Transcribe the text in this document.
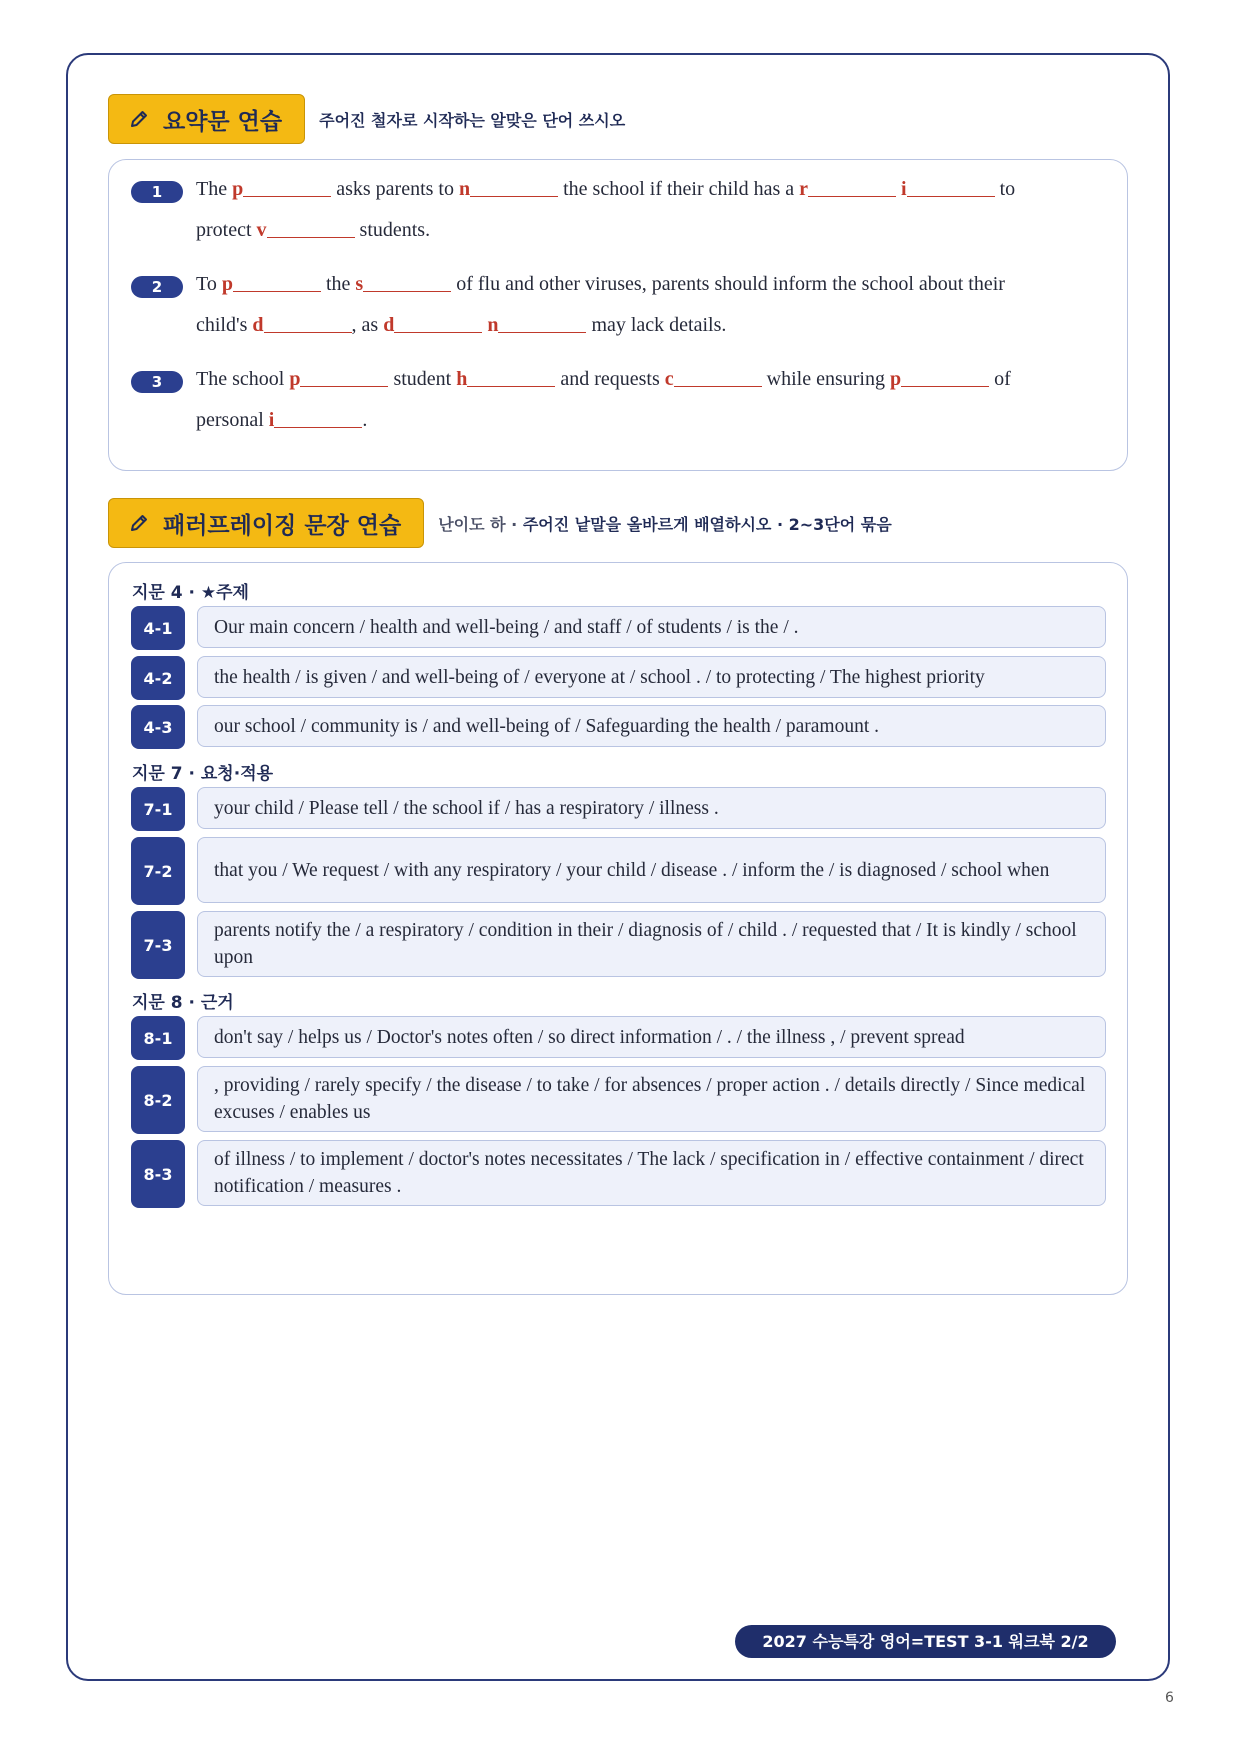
요약문 연습 주어진 철자로 시작하는 알맞은 단어 쓰시오
1	The p	asks parents to n	the school if their child has a r	i	to
protect v	students.
2	To p	the s	of flu and other viruses, parents should inform the school about their
child's d	, as d	n	may lack details.
3	The school p	student h	and requests c	while ensuring p	of
personal i	.
패러프레이징 문장 연습 난이도 하 · 주어진 낱말을 올바르게 배열하시오 · 2~3단어 묶음
지문 4 · ★주제
4-1	Our main concern / health and well-being / and staff / of students / is the / .
4-2	the health / is given / and well-being of / everyone at / school . / to protecting / The highest priority
4-3	our school / community is / and well-being of / Safeguarding the health / paramount .
지문 7 · 요청·적용
7-1	your child / Please tell / the school if / has a respiratory / illness .
7-2	that you / We request / with any respiratory / your child / disease . / inform the / is diagnosed / school when
7-3
parents notify the / a respiratory / condition in their / diagnosis of / child . / requested that / It is kindly / school upon
지문 8 · 근거
8-1	don't say / helps us / Doctor's notes often / so direct information / . / the illness , / prevent spread
8-2
, providing / rarely specify / the disease / to take / for absences / proper action . / details directly / Since medical excuses / enables us
8-3
of illness / to implement / doctor's notes necessitates / The lack / specification in / effective containment / direct notification / measures .
2027 수능특강 영어=TEST 3-1 워크북 2/2
6
